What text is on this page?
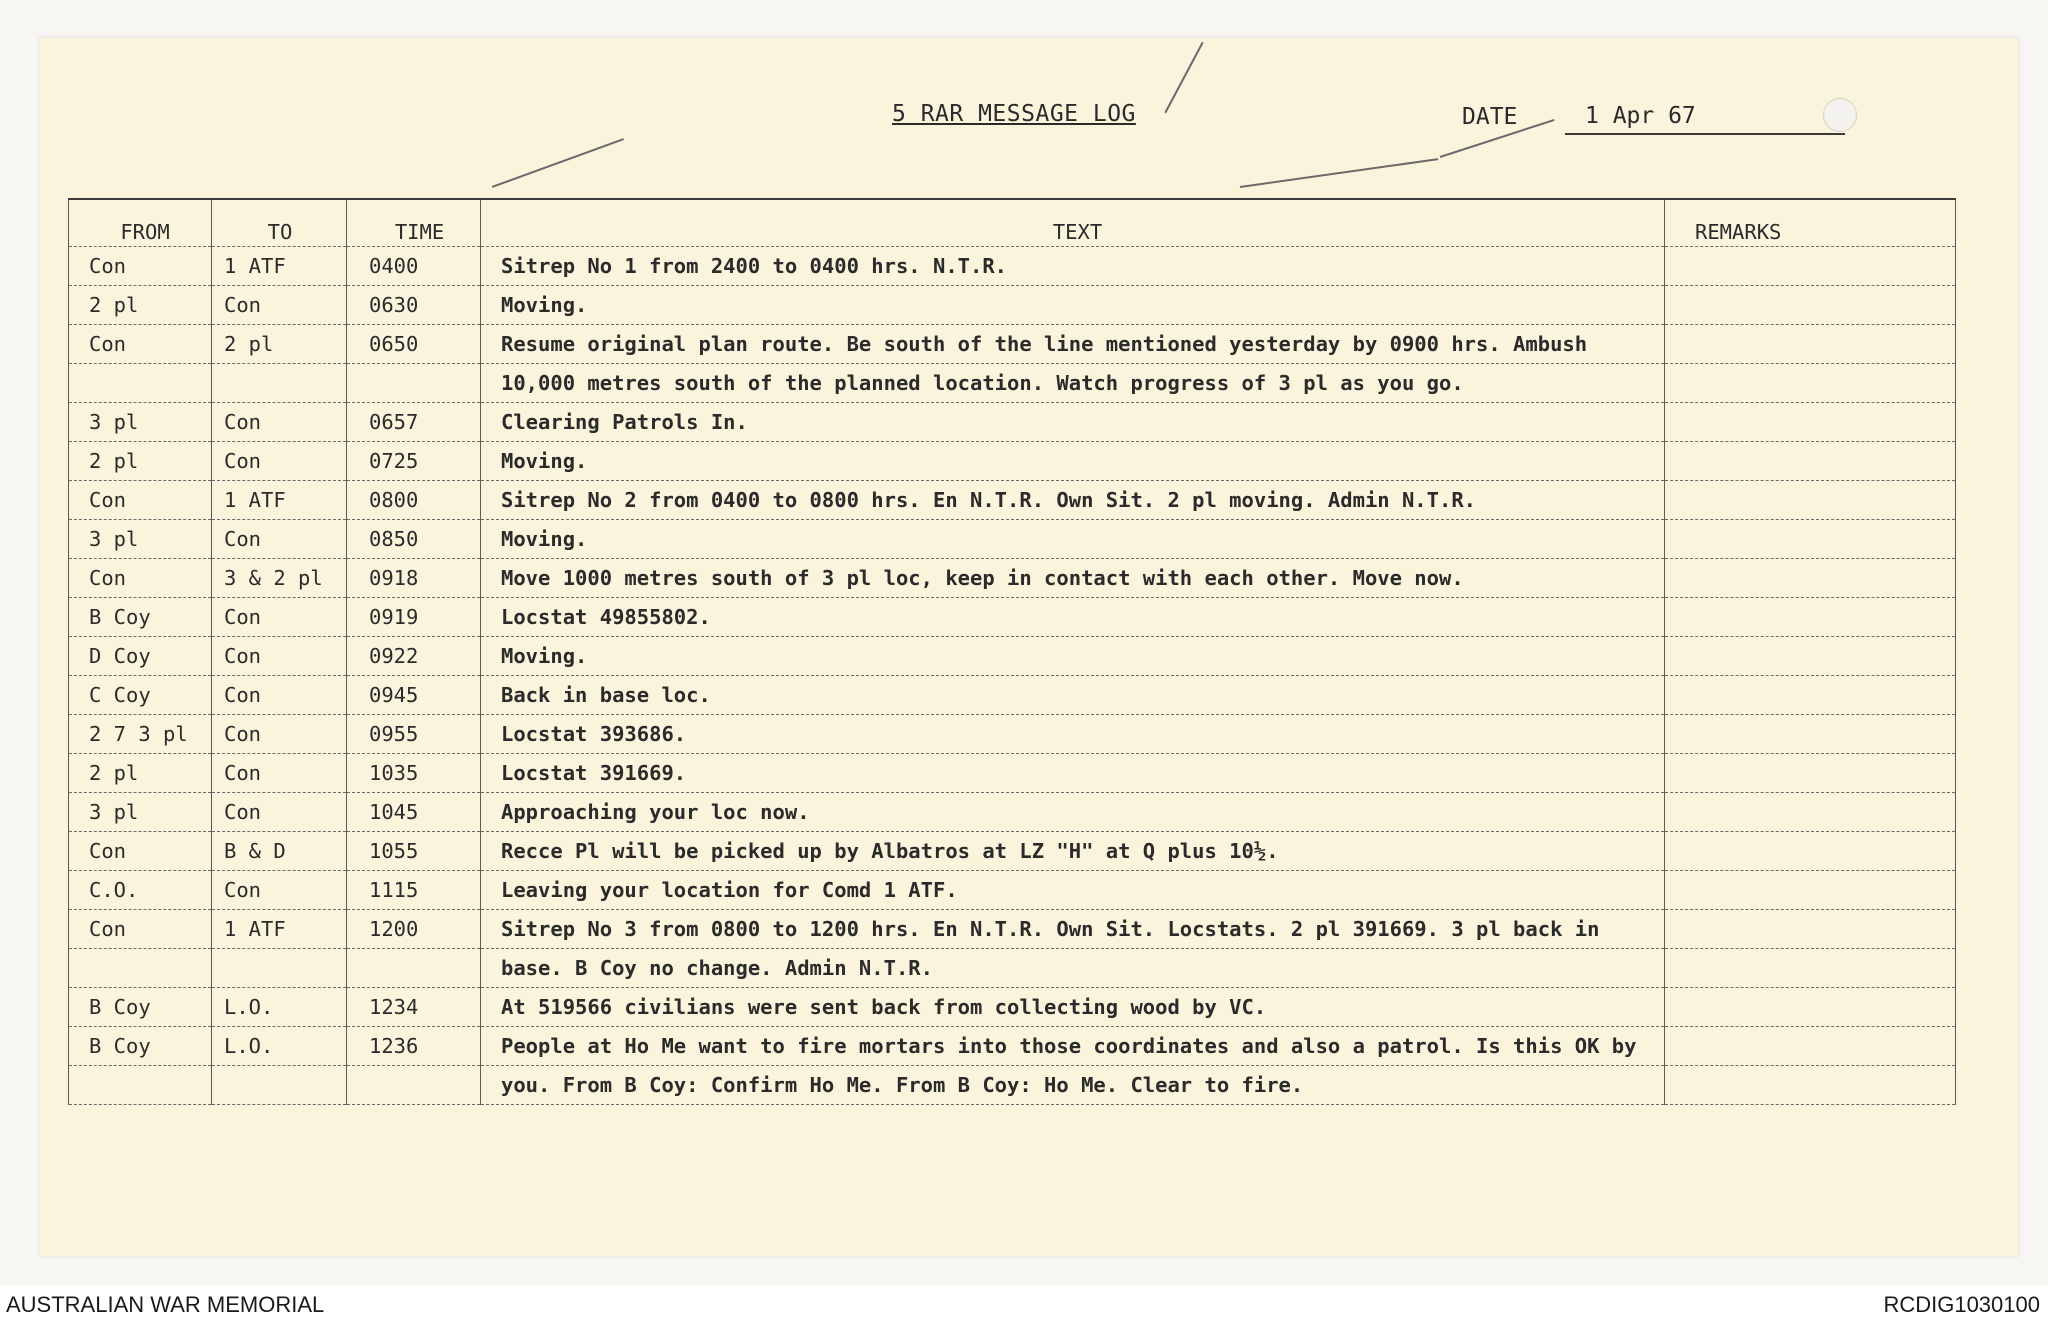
5 RAR MESSAGE LOG	DATE	1 Apr 67
FROM	TO	TIME	TEXT	REMARKS
Con	1 ATF	0400	Sitrep No 1 from 2400 to 0400 hrs. N.T.R.	
2 pl	Con	0630	Moving.	
Con	2 pl	0650	Resume original plan route. Be south of the line mentioned yesterday by 0900 hrs. Ambush	
			10,000 metres south of the planned location. Watch progress of 3 pl as you go.	
3 pl	Con	0657	Clearing Patrols In.	
2 pl	Con	0725	Moving.	
Con	1 ATF	0800	Sitrep No 2 from 0400 to 0800 hrs. En N.T.R. Own Sit. 2 pl moving. Admin N.T.R.	
3 pl	Con	0850	Moving.	
Con	3 & 2 pl	0918	Move 1000 metres south of 3 pl loc, keep in contact with each other. Move now.	
B Coy	Con	0919	Locstat 49855802.	
D Coy	Con	0922	Moving.	
C Coy	Con	0945	Back in base loc.	
2 7 3 pl	Con	0955	Locstat 393686.	
2 pl	Con	1035	Locstat 391669.	
3 pl	Con	1045	Approaching your loc now.	
Con	B & D	1055	Recce Pl will be picked up by Albatros at LZ "H" at Q plus 10½.	
C.O.	Con	1115	Leaving your location for Comd 1 ATF.	
Con	1 ATF	1200	Sitrep No 3 from 0800 to 1200 hrs. En N.T.R. Own Sit. Locstats. 2 pl 391669. 3 pl back in	
			base. B Coy no change. Admin N.T.R.	
B Coy	L.O.	1234	At 519566 civilians were sent back from collecting wood by VC.	
B Coy	L.O.	1236	People at Ho Me want to fire mortars into those coordinates and also a patrol. Is this OK by	
			you. From B Coy: Confirm Ho Me. From B Coy: Ho Me. Clear to fire.	
AUSTRALIAN WAR MEMORIAL	RCDIG1030100
